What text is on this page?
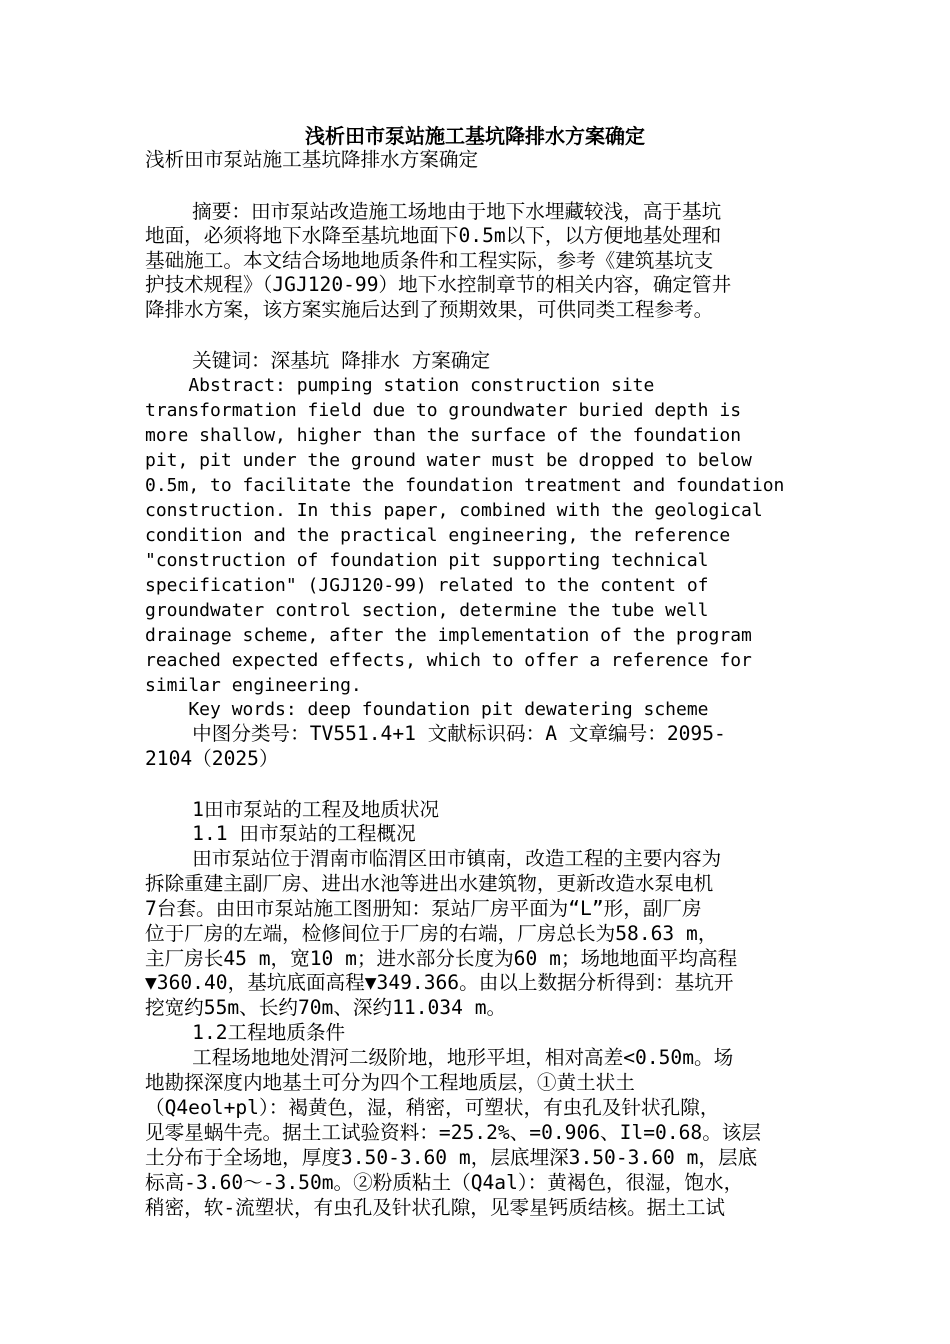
浅析田市泵站施工基坑降排水方案确定
浅析田市泵站施工基坑降排水方案确定
摘要：田市泵站改造施工场地由于地下水埋藏较浅，高于基坑
地面，必须将地下水降至基坑地面下0.5m以下，以方便地基处理和
基础施工。本文结合场地地质条件和工程实际，参考《建筑基坑支
护技术规程》（JGJ120-99）地下水控制章节的相关内容，确定管井
降排水方案，该方案实施后达到了预期效果，可供同类工程参考。
关键词：深基坑 降排水 方案确定
Abstract: pumping station construction site
transformation field due to groundwater buried depth is
more shallow, higher than the surface of the foundation
pit, pit under the ground water must be dropped to below
0.5m, to facilitate the foundation treatment and foundation
construction. In this paper, combined with the geological
condition and the practical engineering, the reference
"construction of foundation pit supporting technical
specification" (JGJ120-99) related to the content of
groundwater control section, determine the tube well
drainage scheme, after the implementation of the program
reached expected effects, which to offer a reference for
similar engineering.
Key words: deep foundation pit dewatering scheme
中图分类号：TV551.4+1 文献标识码：A 文章编号：2095-
2104（2025）
1田市泵站的工程及地质状况
1.1 田市泵站的工程概况
田市泵站位于渭南市临渭区田市镇南，改造工程的主要内容为
拆除重建主副厂房、进出水池等进出水建筑物，更新改造水泵电机
7台套。由田市泵站施工图册知：泵站厂房平面为“L”形，副厂房
位于厂房的左端，检修间位于厂房的右端，厂房总长为58.63 m，
主厂房长45 m，宽10 m；进水部分长度为60 m；场地地面平均高程
▼360.40，基坑底面高程▼349.366。由以上数据分析得到：基坑开
挖宽约55m、长约70m、深约11.034 m。
1.2工程地质条件
工程场地地处渭河二级阶地，地形平坦，相对高差<0.50m。场
地勘探深度内地基土可分为四个工程地质层，①黄土状土
（Q4eol+pl）：褐黄色，湿，稍密，可塑状，有虫孔及针状孔隙，
见零星蜗牛壳。据土工试验资料：=25.2%、=0.906、Il=0.68。该层
土分布于全场地，厚度3.50-3.60 m，层底埋深3.50-3.60 m，层底
标高-3.60～-3.50m。②粉质粘土（Q4al）：黄褐色，很湿，饱水，
稍密，软-流塑状，有虫孔及针状孔隙，见零星钙质结核。据土工试
